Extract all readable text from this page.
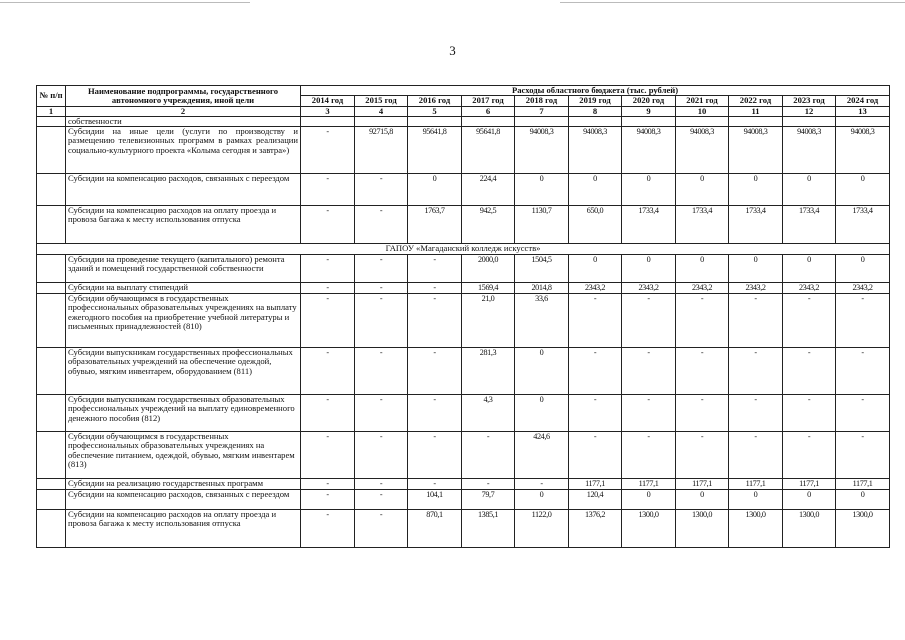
3
№ п/п	Наименование подпрограммы, государственного автономного учреждения, иной цели	Расходы областного бюджета (тыс. рублей)										
		2014 год	2015 год	2016 год	2017 год	2018 год	2019 год	2020 год	2021 год	2022 год	2023 год	2024 год
1	2	3	4	5	6	7	8	9	10	11	12	13
	собственности											
	Субсидии на иные цели (услуги по производству и размещению телевизионных программ в рамках реализации социально-культурного проекта «Колыма сегодня и завтра»)	-	92715,8	95641,8	95641,8	94008,3	94008,3	94008,3	94008,3	94008,3	94008,3	94008,3
	Субсидии на компенсацию расходов, связанных с переездом	-	-	0	224,4	0	0	0	0	0	0	0
	Субсидии на компенсацию расходов на оплату проезда и провоза багажа к месту использования отпуска	-	-	1763,7	942,5	1130,7	650,0	1733,4	1733,4	1733,4	1733,4	1733,4
ГАПОУ «Магаданский колледж искусств»												
	Субсидии на проведение текущего (капитального) ремонта зданий и помещений государственной собственности	-	-	-	2000,0	1504,5	0	0	0	0	0	0
	Субсидии на выплату стипендий	-	-	-	1569,4	2014,8	2343,2	2343,2	2343,2	2343,2	2343,2	2343,2
	Субсидии обучающимся в государственных профессиональных образовательных учреждениях на выплату ежегодного пособия на приобретение учебной литературы и письменных принадлежностей (810)	-	-	-	21,0	33,6	-	-	-	-	-	-
	Субсидии выпускникам государственных профессиональных образовательных учреждений на обеспечение одеждой, обувью, мягким инвентарем, оборудованием (811)	-	-	-	281,3	0	-	-	-	-	-	-
	Субсидии выпускникам государственных образовательных профессиональных учреждений на выплату единовременного денежного пособия (812)	-	-	-	4,3	0	-	-	-	-	-	-
	Субсидии обучающимся в государственных профессиональных образовательных учреждениях на обеспечение питанием, одеждой, обувью, мягким инвентарем (813)	-	-	-	-	424,6	-	-	-	-	-	-
	Субсидии на реализацию государственных программ	-	-	-	-	-	1177,1	1177,1	1177,1	1177,1	1177,1	1177,1
	Субсидии на компенсацию расходов, связанных с переездом	-	-	104,1	79,7	0	120,4	0	0	0	0	0
	Субсидии на компенсацию расходов на оплату проезда и провоза багажа к месту использования отпуска	-	-	870,1	1385,1	1122,0	1376,2	1300,0	1300,0	1300,0	1300,0	1300,0
